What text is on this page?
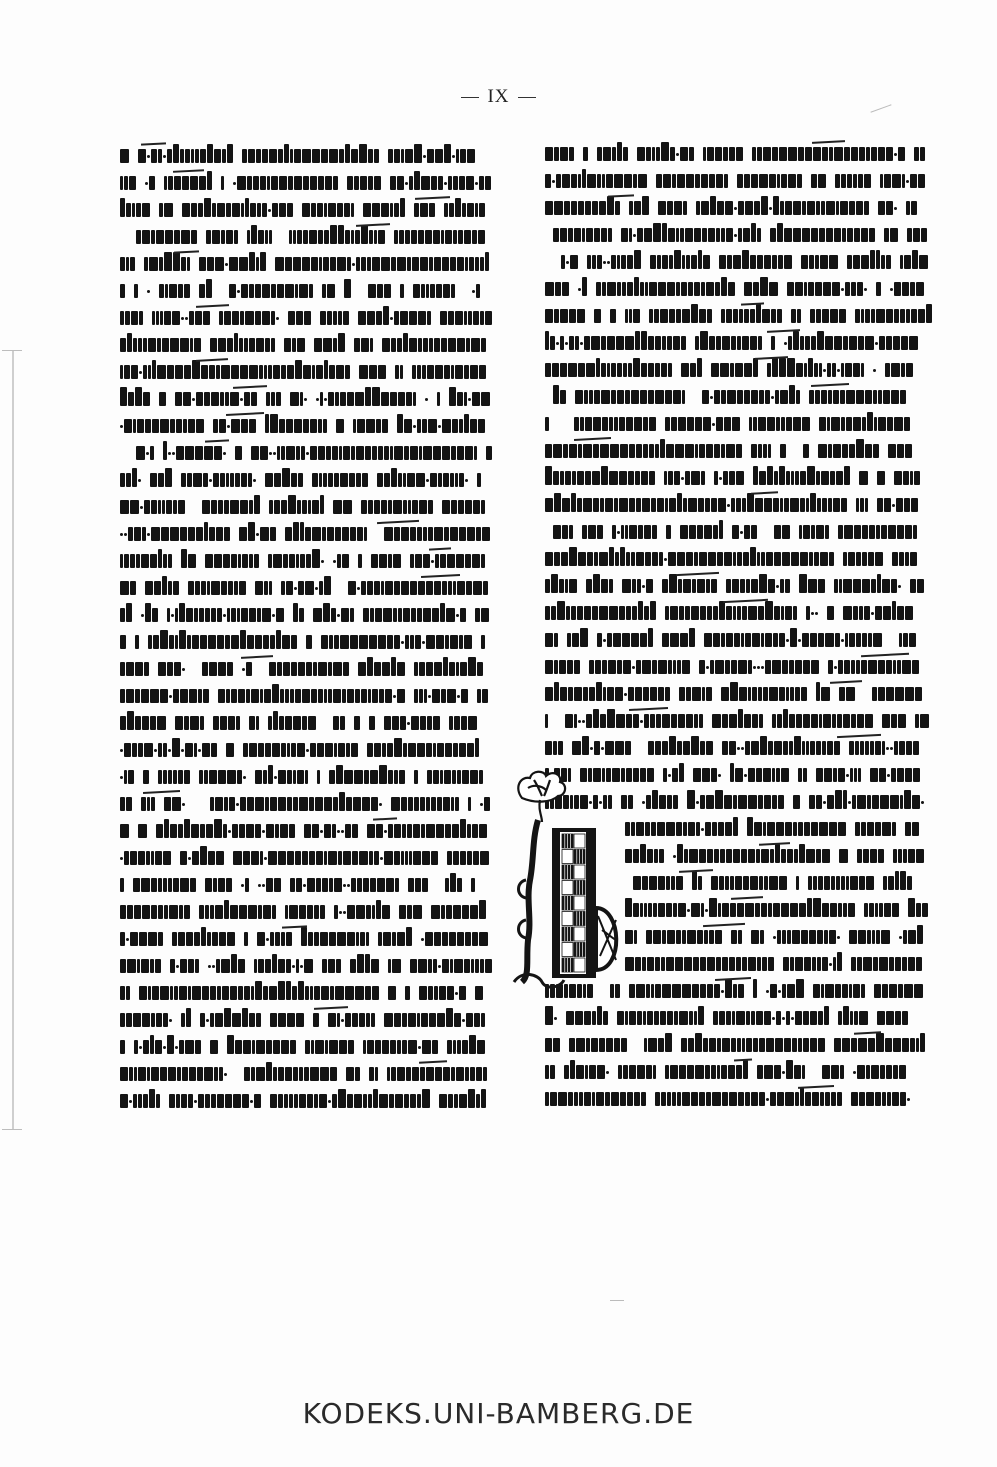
IX
KODEKS.UNI-BAMBERG.DE
